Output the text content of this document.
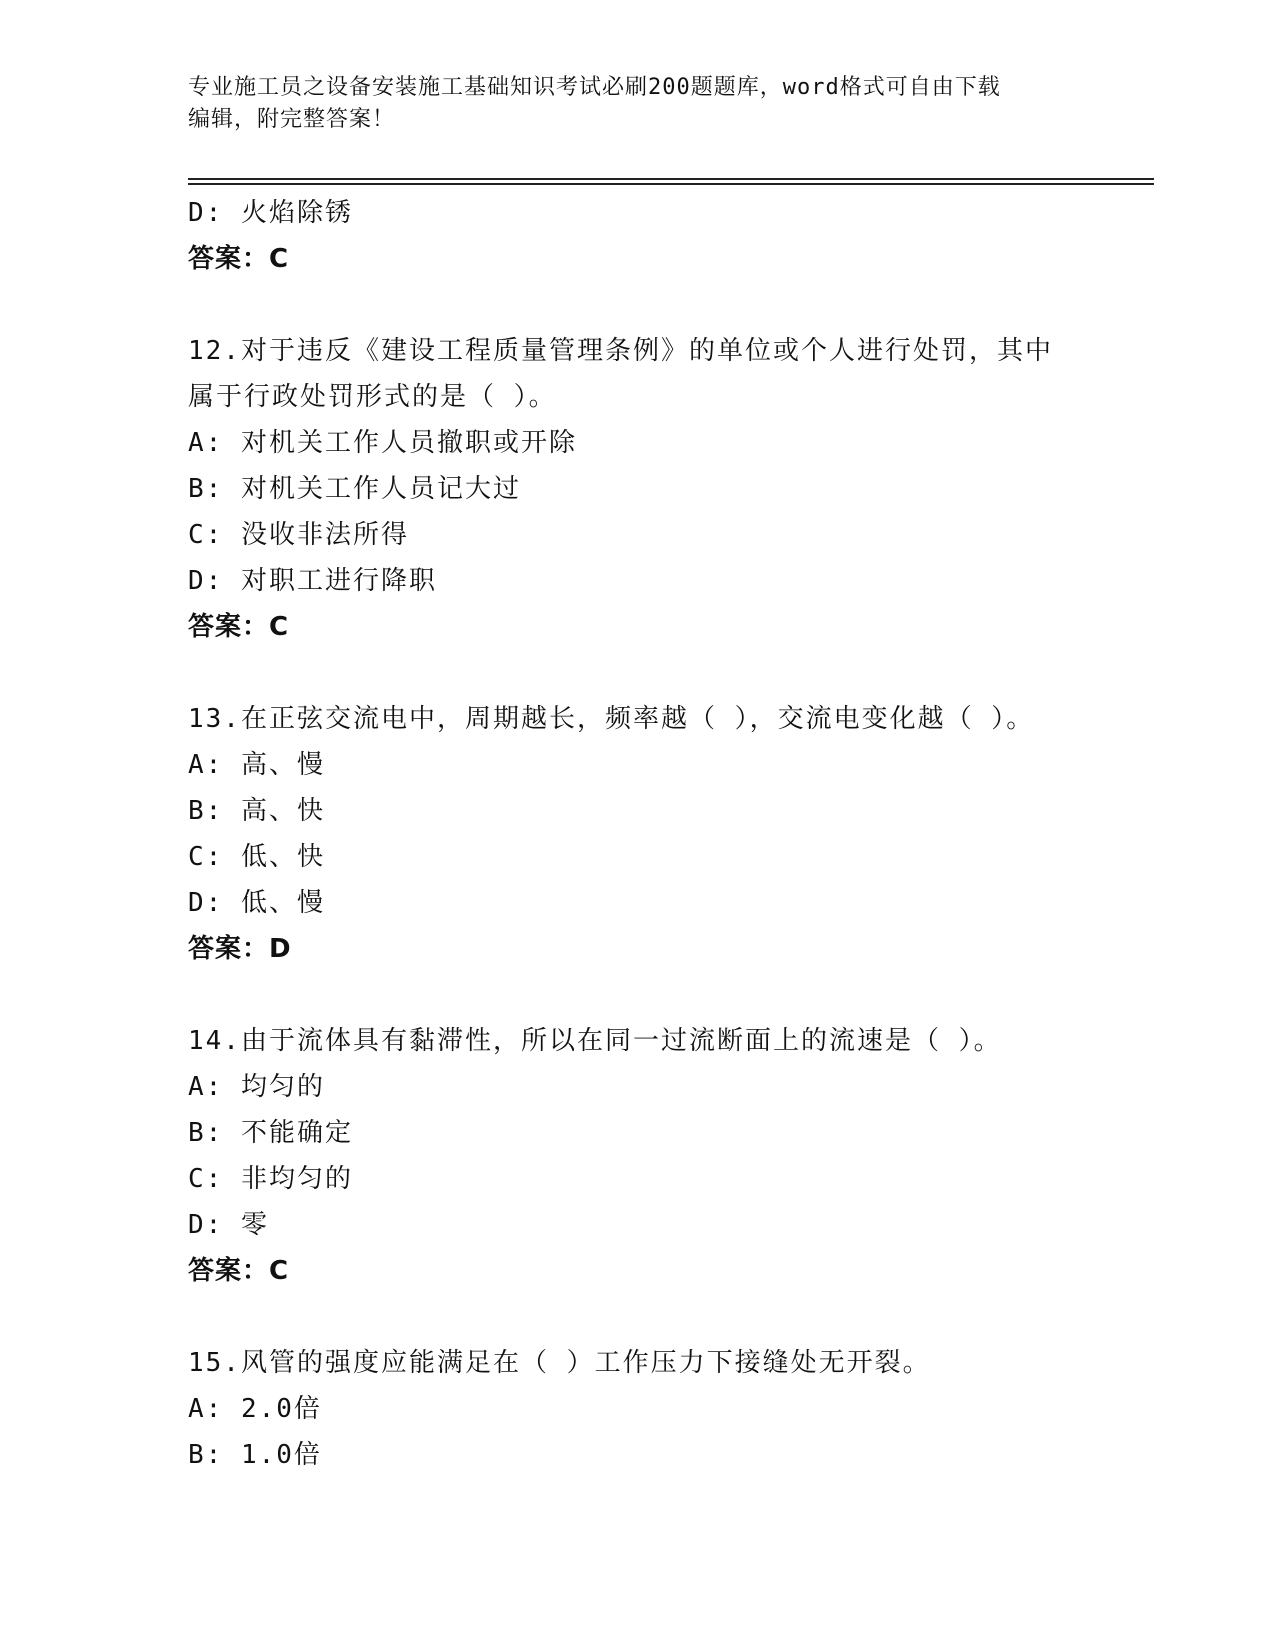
专业施工员之设备安装施工基础知识考试必刷200题题库，word格式可自由下载
编辑，附完整答案！
D: 火焰除锈
答案：C
12.对于违反《建设工程质量管理条例》的单位或个人进行处罚，其中
属于行政处罚形式的是（ ）。
A: 对机关工作人员撤职或开除
B: 对机关工作人员记大过
C: 没收非法所得
D: 对职工进行降职
答案：C
13.在正弦交流电中，周期越长，频率越（ ），交流电变化越（ ）。
A: 高、慢
B: 高、快
C: 低、快
D: 低、慢
答案：D
14.由于流体具有黏滞性，所以在同一过流断面上的流速是（ ）。
A: 均匀的
B: 不能确定
C: 非均匀的
D: 零
答案：C
15.风管的强度应能满足在（ ）工作压力下接缝处无开裂。
A: 2.0倍
B: 1.0倍
